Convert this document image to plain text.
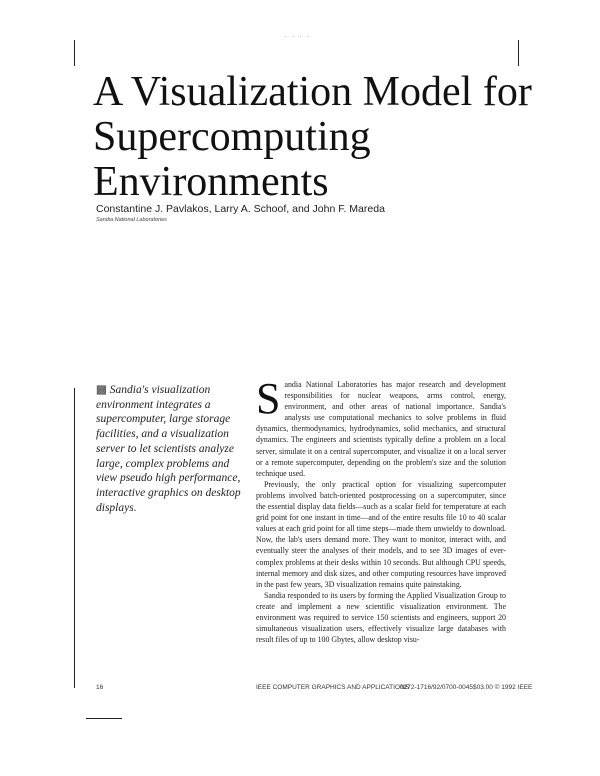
. . . .
A Visualization Model for
Supercomputing
Environments
Constantine J. Pavlakos, Larry A. Schoof, and John F. Mareda
Sandia National Laboratories

▩ Sandia's visualization environment integrates a supercomputer, large storage facilities, and a visualization server to let scientists analyze large, complex problems and view pseudo high performance, interactive graphics on desktop displays.

Sandia National Laboratories has major research and development responsibilities for nuclear weapons, arms control, energy, environment, and other areas of national importance. Sandia's analysts use computational mechanics to solve problems in fluid dynamics, thermodynamics, hydrodynamics, solid mechanics, and structural dynamics. The engineers and scientists typically define a problem on a local server, simulate it on a central supercomputer, and visualize it on a local server or a remote supercomputer, depending on the problem's size and the solution technique used.

Previously, the only practical option for visualizing supercomputer problems involved batch-oriented postprocessing on a supercomputer, since the essential display data fields—such as a scalar field for temperature at each grid point for one instant in time—and of the entire results file 10 to 40 scalar values at each grid point for all time steps—made them unwieldy to download. Now, the lab's users demand more. They want to monitor, interact with, and eventually steer the analyses of their models, and to see 3D images of ever-complex problems at their desks within 10 seconds. But although CPU speeds, internal memory and disk sizes, and other computing resources have improved in the past few years, 3D visualization remains quite painstaking.

Sandia responded to its users by forming the Applied Visualization Group to create and implement a new scientific visualization environment. The environment was required to service 150 scientists and engineers, support 20 simultaneous visualization users, effectively visualize large databases with result files of up to 100 Gbytes, allow desktop visu-

16	IEEE COMPUTER GRAPHICS AND APPLICATIONS
0272-1716/92/0700-0045$03.00 © 1992 IEEE
